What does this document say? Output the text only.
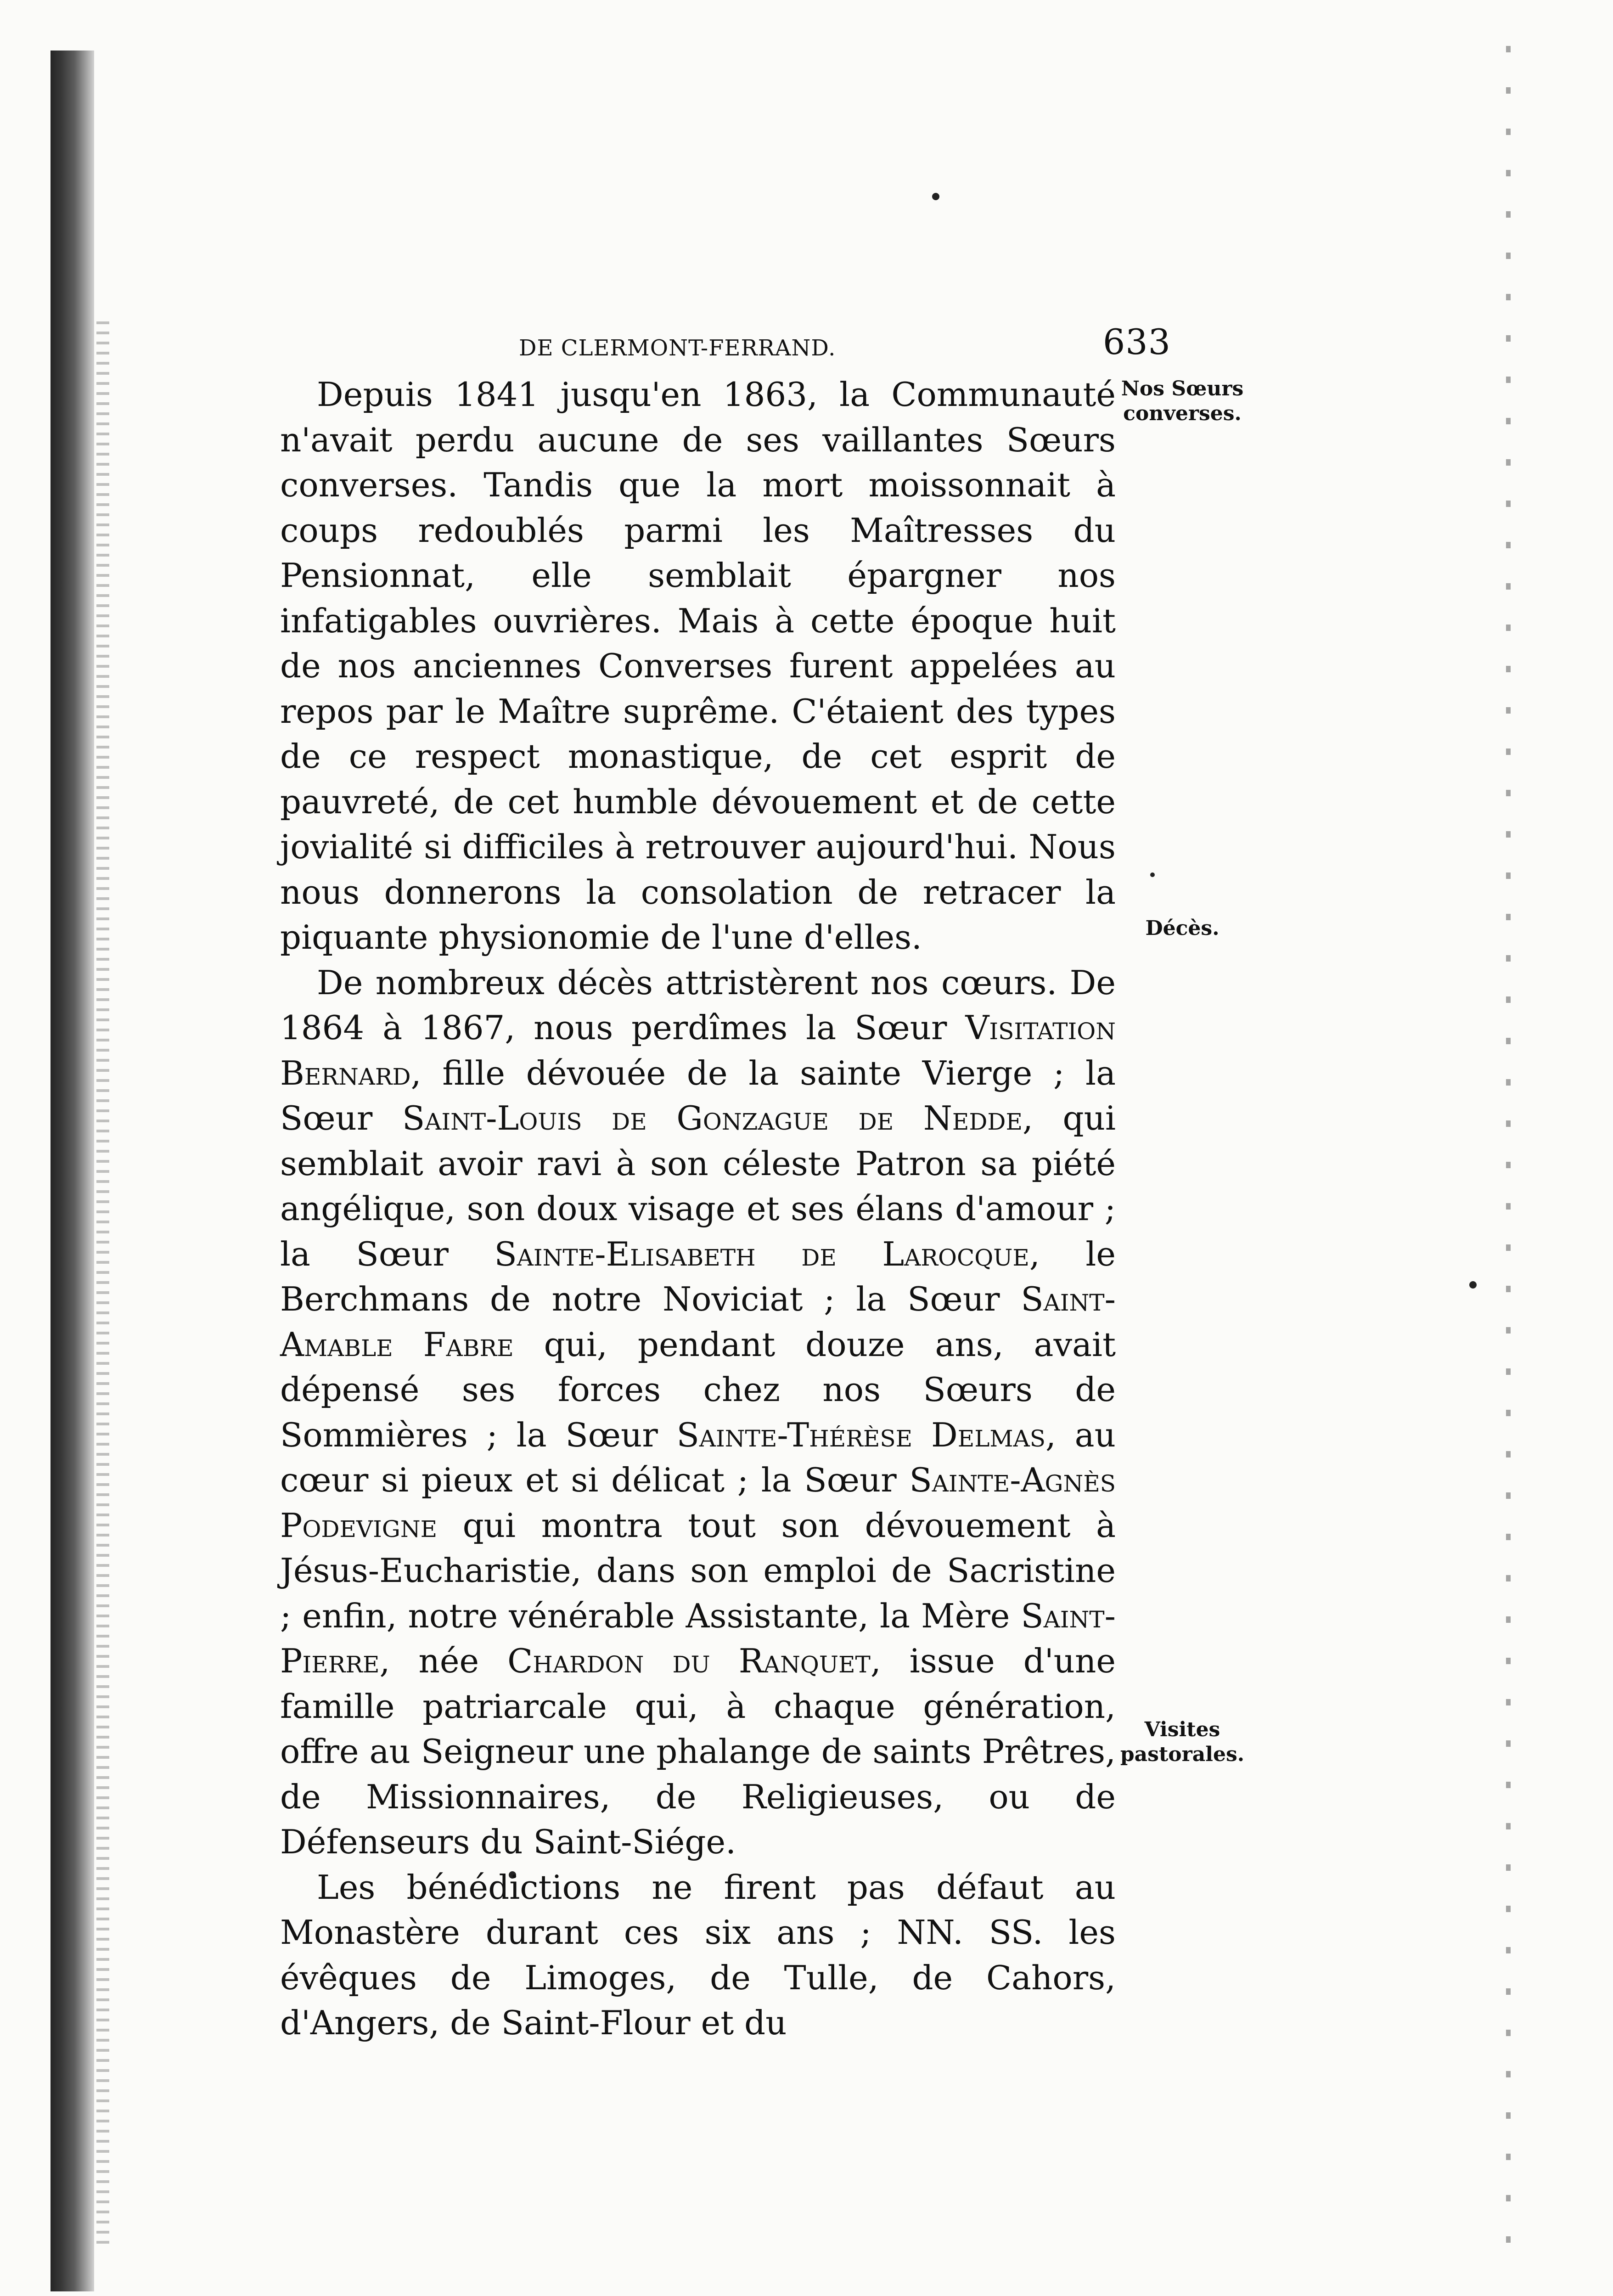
DE CLERMONT-FERRAND.	633
Nos Sœurs converses.
Décès.
Visites pastorales.

Depuis 1841 jusqu'en 1863, la Communauté n'avait perdu aucune de ses vaillantes Sœurs converses. Tandis que la mort moissonnait à coups redoublés parmi les Maîtresses du Pensionnat, elle semblait épargner nos infatigables ouvrières. Mais à cette époque huit de nos anciennes Converses furent appelées au repos par le Maître suprême. C'étaient des types de ce respect monastique, de cet esprit de pauvreté, de cet humble dévouement et de cette jovialité si difficiles à retrouver aujourd'hui. Nous nous donnerons la consolation de retracer la piquante physionomie de l'une d'elles.

De nombreux décès attristèrent nos cœurs. De 1864 à 1867, nous perdîmes la Sœur Visitation Bernard, fille dévouée de la sainte Vierge ; la Sœur Saint-Louis de Gonzague de Nedde, qui semblait avoir ravi à son céleste Patron sa piété angélique, son doux visage et ses élans d'amour ; la Sœur Sainte-Elisabeth de Larocque, le Berchmans de notre Noviciat ; la Sœur Saint-Amable Fabre qui, pendant douze ans, avait dépensé ses forces chez nos Sœurs de Sommières ; la Sœur Sainte-Thérèse Delmas, au cœur si pieux et si délicat ; la Sœur Sainte-Agnès Podevigne qui montra tout son dévouement à Jésus-Eucharistie, dans son emploi de Sacristine ; enfin, notre vénérable Assistante, la Mère Saint-Pierre, née Chardon du Ranquet, issue d'une famille patriarcale qui, à chaque génération, offre au Seigneur une phalange de saints Prêtres, de Missionnaires, de Religieuses, ou de Défenseurs du Saint-Siége.

Les bénédictions ne firent pas défaut au Monastère durant ces six ans ; NN. SS. les évêques de Limoges, de Tulle, de Cahors, d'Angers, de Saint-Flour et du
